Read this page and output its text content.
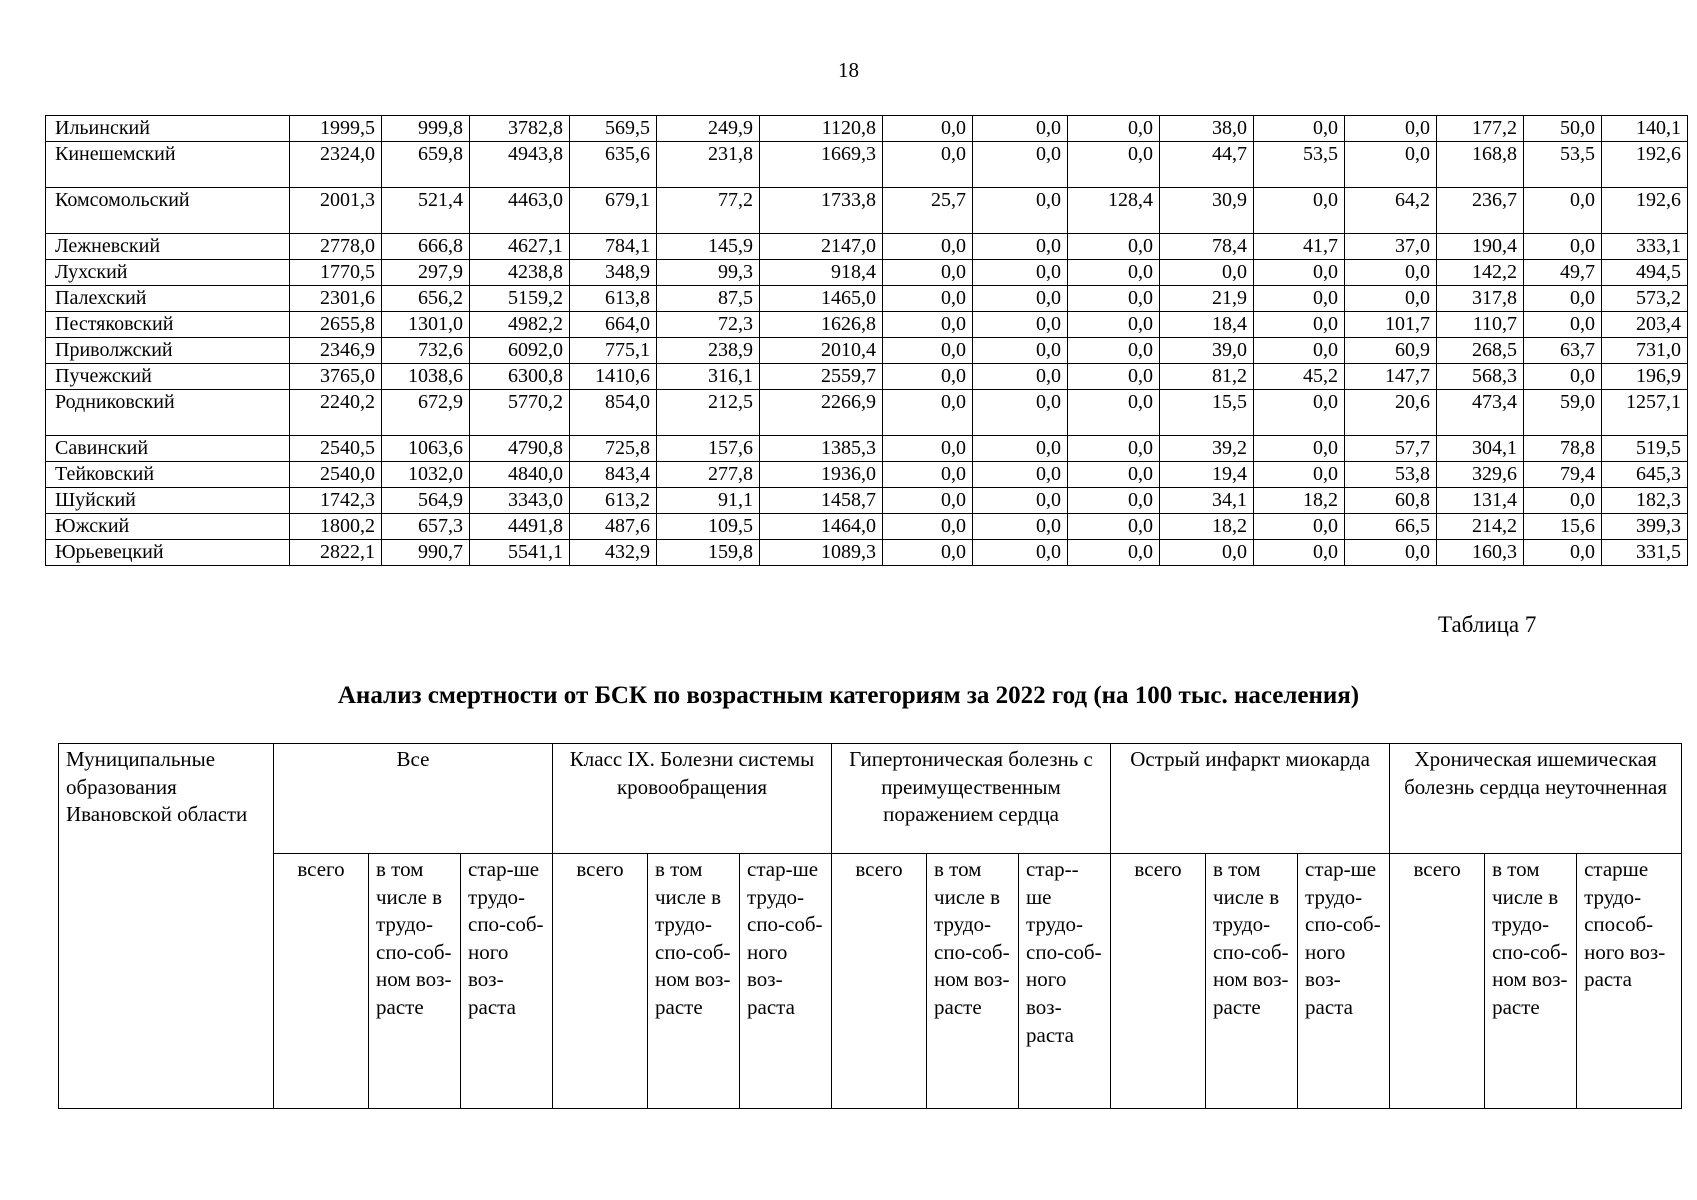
18
Ильинский	1999,5	999,8	3782,8	569,5	249,9	1120,8	0,0	0,0	0,0	38,0	0,0	0,0	177,2	50,0	140,1
Кинешемский	2324,0	659,8	4943,8	635,6	231,8	1669,3	0,0	0,0	0,0	44,7	53,5	0,0	168,8	53,5	192,6
Комсомольский	2001,3	521,4	4463,0	679,1	77,2	1733,8	25,7	0,0	128,4	30,9	0,0	64,2	236,7	0,0	192,6
Лежневский	2778,0	666,8	4627,1	784,1	145,9	2147,0	0,0	0,0	0,0	78,4	41,7	37,0	190,4	0,0	333,1
Лухский	1770,5	297,9	4238,8	348,9	99,3	918,4	0,0	0,0	0,0	0,0	0,0	0,0	142,2	49,7	494,5
Палехский	2301,6	656,2	5159,2	613,8	87,5	1465,0	0,0	0,0	0,0	21,9	0,0	0,0	317,8	0,0	573,2
Пестяковский	2655,8	1301,0	4982,2	664,0	72,3	1626,8	0,0	0,0	0,0	18,4	0,0	101,7	110,7	0,0	203,4
Приволжский	2346,9	732,6	6092,0	775,1	238,9	2010,4	0,0	0,0	0,0	39,0	0,0	60,9	268,5	63,7	731,0
Пучежский	3765,0	1038,6	6300,8	1410,6	316,1	2559,7	0,0	0,0	0,0	81,2	45,2	147,7	568,3	0,0	196,9
Родниковский	2240,2	672,9	5770,2	854,0	212,5	2266,9	0,0	0,0	0,0	15,5	0,0	20,6	473,4	59,0	1257,1
Савинский	2540,5	1063,6	4790,8	725,8	157,6	1385,3	0,0	0,0	0,0	39,2	0,0	57,7	304,1	78,8	519,5
Тейковский	2540,0	1032,0	4840,0	843,4	277,8	1936,0	0,0	0,0	0,0	19,4	0,0	53,8	329,6	79,4	645,3
Шуйский	1742,3	564,9	3343,0	613,2	91,1	1458,7	0,0	0,0	0,0	34,1	18,2	60,8	131,4	0,0	182,3
Южский	1800,2	657,3	4491,8	487,6	109,5	1464,0	0,0	0,0	0,0	18,2	0,0	66,5	214,2	15,6	399,3
Юрьевецкий	2822,1	990,7	5541,1	432,9	159,8	1089,3	0,0	0,0	0,0	0,0	0,0	0,0	160,3	0,0	331,5
Таблица 7
Анализ смертности от БСК по возрастным категориям за 2022 год (на 100 тыс. населения)
Муниципальные образования Ивановской области	Все			Класс IX. Болезни системы кровообращения			Гипертоническая болезнь с преимущественным поражением сердца			Острый инфаркт миокарда			Хроническая ишемическая болезнь сердца неуточненная		
	всего	в том числе в трудо-спо-соб-ном воз-расте	стар-ше трудо-спо-соб-ного воз-раста	всего	в том числе в трудо-спо-соб-ном воз-расте	стар-ше трудо-спо-соб-ного воз-раста	всего	в том числе в трудо-спо-соб-ном воз-расте	стар--ше трудо-спо-соб-ного воз-раста	всего	в том числе в трудо-спо-соб-ном воз-расте	стар-ше трудо-спо-соб-ного воз-раста	всего	в том числе в трудо-спо-соб-ном воз-расте	старше трудо-способ-ного воз-раста
